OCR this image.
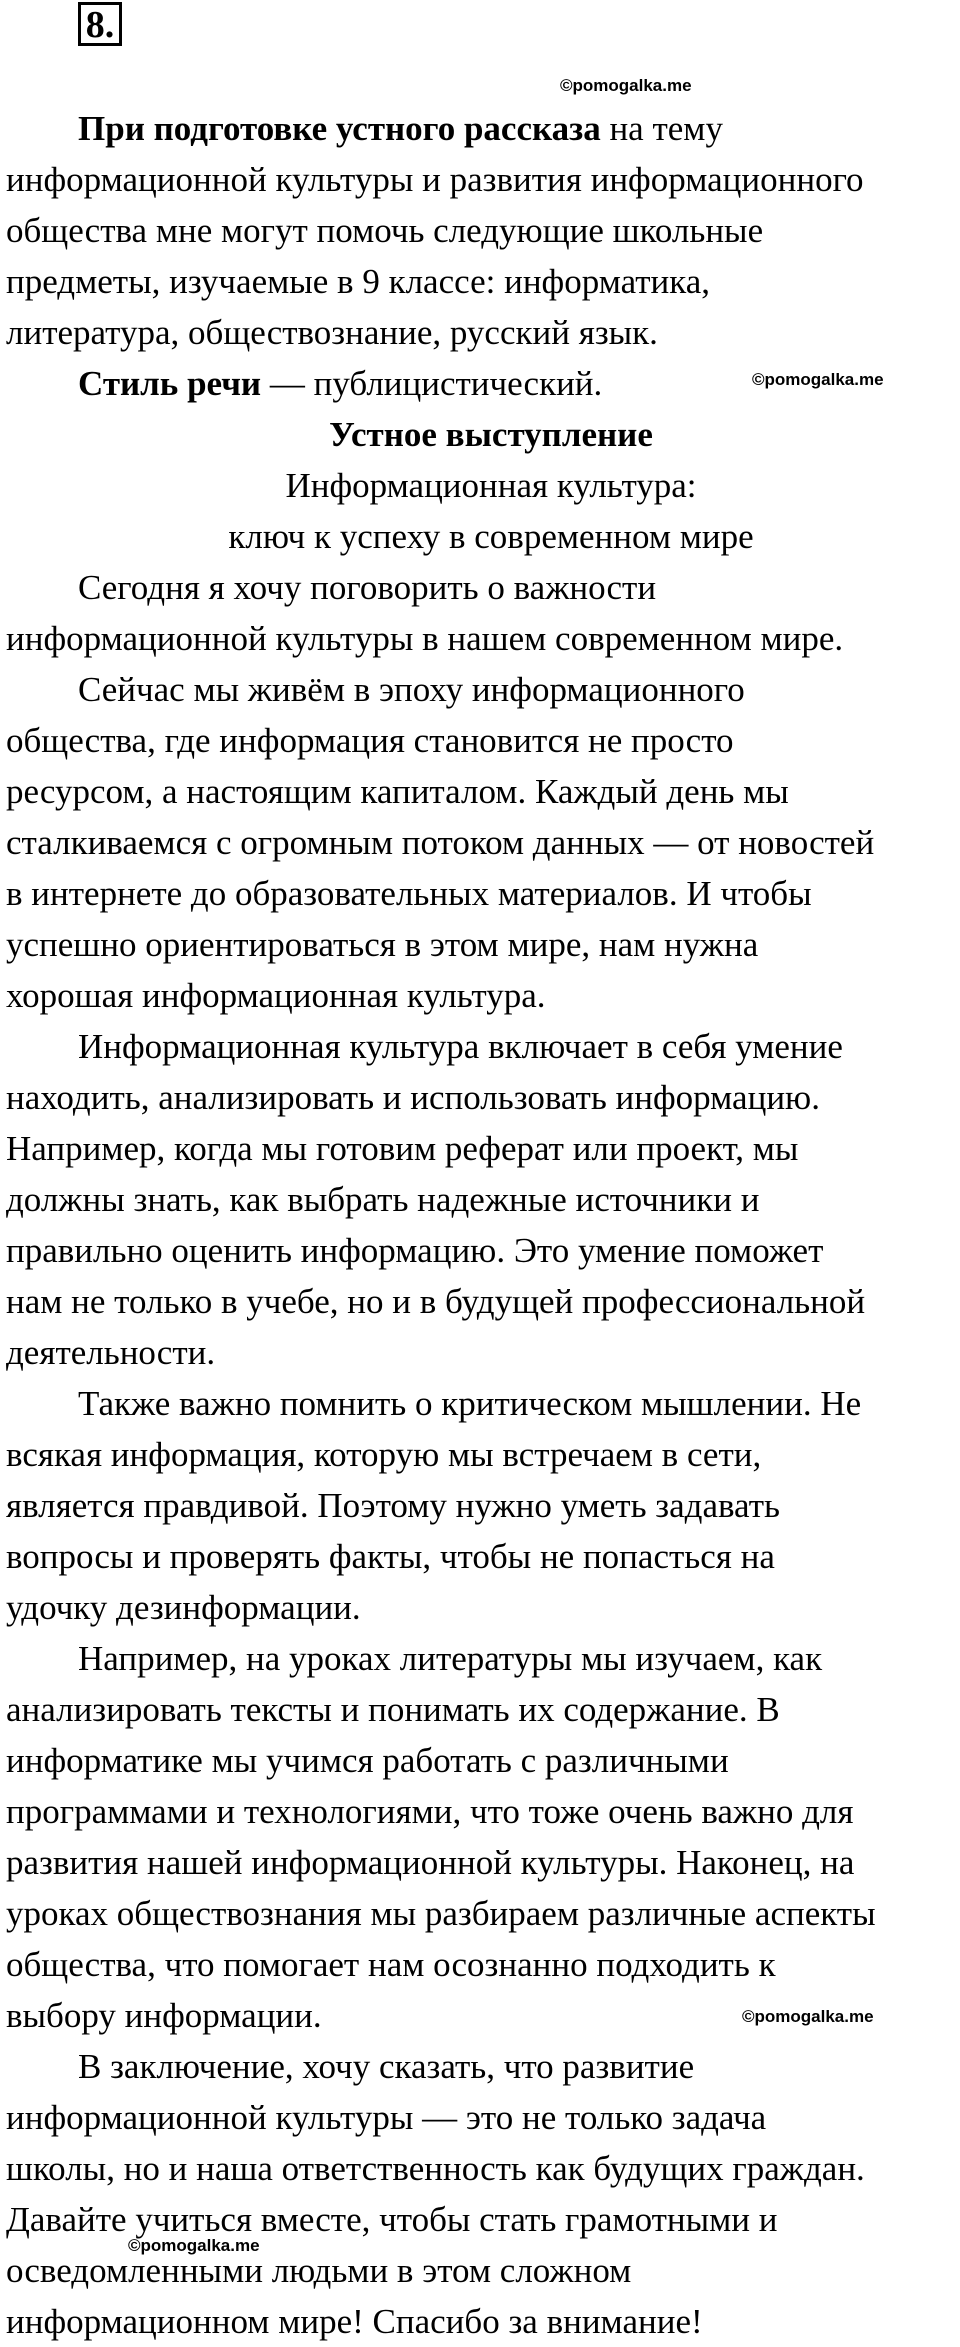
8.
©pomogalka.me
©pomogalka.me
©pomogalka.me
©pomogalka.me

При подготовке устного рассказа на тему
информационной культуры и развития информационного
общества мне могут помочь следующие школьные
предметы, изучаемые в 9 классе: информатика,
литература, обществознание, русский язык.

Стиль речи — публицистический.

Устное выступление

Информационная культура:

ключ к успеху в современном мире

Сегодня я хочу поговорить о важности
информационной культуры в нашем современном мире.

Сейчас мы живём в эпоху информационного
общества, где информация становится не просто
ресурсом, а настоящим капиталом. Каждый день мы
сталкиваемся с огромным потоком данных — от новостей
в интернете до образовательных материалов. И чтобы
успешно ориентироваться в этом мире, нам нужна
хорошая информационная культура.

Информационная культура включает в себя умение
находить, анализировать и использовать информацию.
Например, когда мы готовим реферат или проект, мы
должны знать, как выбрать надежные источники и
правильно оценить информацию. Это умение поможет
нам не только в учебе, но и в будущей профессиональной
деятельности.

Также важно помнить о критическом мышлении. Не
всякая информация, которую мы встречаем в сети,
является правдивой. Поэтому нужно уметь задавать
вопросы и проверять факты, чтобы не попасться на
удочку дезинформации.

Например, на уроках литературы мы изучаем, как
анализировать тексты и понимать их содержание. В
информатике мы учимся работать с различными
программами и технологиями, что тоже очень важно для
развития нашей информационной культуры. Наконец, на
уроках обществознания мы разбираем различные аспекты
общества, что помогает нам осознанно подходить к
выбору информации.

В заключение, хочу сказать, что развитие
информационной культуры — это не только задача
школы, но и наша ответственность как будущих граждан.
Давайте учиться вместе, чтобы стать грамотными и
осведомленными людьми в этом сложном
информационном мире! Спасибо за внимание!
